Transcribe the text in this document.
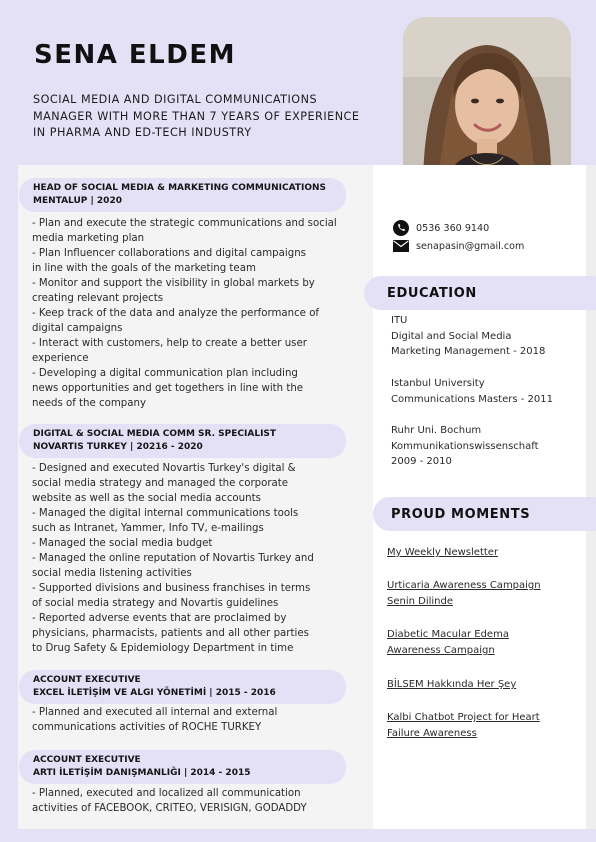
SENA ELDEM
SOCIAL MEDIA AND DIGITAL COMMUNICATIONS
MANAGER WITH MORE THAN 7 YEARS OF EXPERIENCE
IN PHARMA AND ED-TECH INDUSTRY
HEAD OF SOCIAL MEDIA & MARKETING COMMUNICATIONS
MENTALUP | 2020
- Plan and execute the strategic communications and social
media marketing plan
- Plan Influencer collaborations and digital campaigns
in line with the goals of the marketing team
- Monitor and support the visibility in global markets by
creating relevant projects
- Keep track of the data and analyze the performance of
digital campaigns
- Interact with customers, help to create a better user
experience
- Developing a digital communication plan including
news opportunities and get togethers in line with the
needs of the company
DIGITAL & SOCIAL MEDIA COMM SR. SPECIALIST
NOVARTIS TURKEY | 20216 - 2020
- Designed and executed Novartis Turkey's digital &
social media strategy and managed the corporate
website as well as the social media accounts
- Managed the digital internal communications tools
such as Intranet, Yammer, Info TV, e-mailings
- Managed the social media budget
- Managed the online reputation of Novartis Turkey and
social media listening activities
- Supported divisions and business franchises in terms
of social media strategy and Novartis guidelines
- Reported adverse events that are proclaimed by
physicians, pharmacists, patients and all other parties
to Drug Safety & Epidemiology Department in time
ACCOUNT EXECUTIVE
EXCEL İLETİŞİM VE ALGI YÖNETİMİ | 2015 - 2016
- Planned and executed all internal and external
communications activities of ROCHE TURKEY
ACCOUNT EXECUTIVE
ARTI İLETİŞİM DANIŞMANLIĞI | 2014 - 2015
- Planned, executed and localized all communication
activities of FACEBOOK, CRITEO, VERISIGN, GODADDY
0536 360 9140
senapasin@gmail.com
EDUCATION
ITU
Digital and Social Media
Marketing Management - 2018
Istanbul University
Communications Masters - 2011
Ruhr Uni. Bochum
Kommunikationswissenschaft
2009 - 2010
PROUD MOMENTS
My Weekly Newsletter
Urticaria Awareness Campaign
Senin Dilinde
Diabetic Macular Edema
Awareness Campaign
BİLSEM Hakkında Her Şey
Kalbi Chatbot Project for Heart
Failure Awareness
